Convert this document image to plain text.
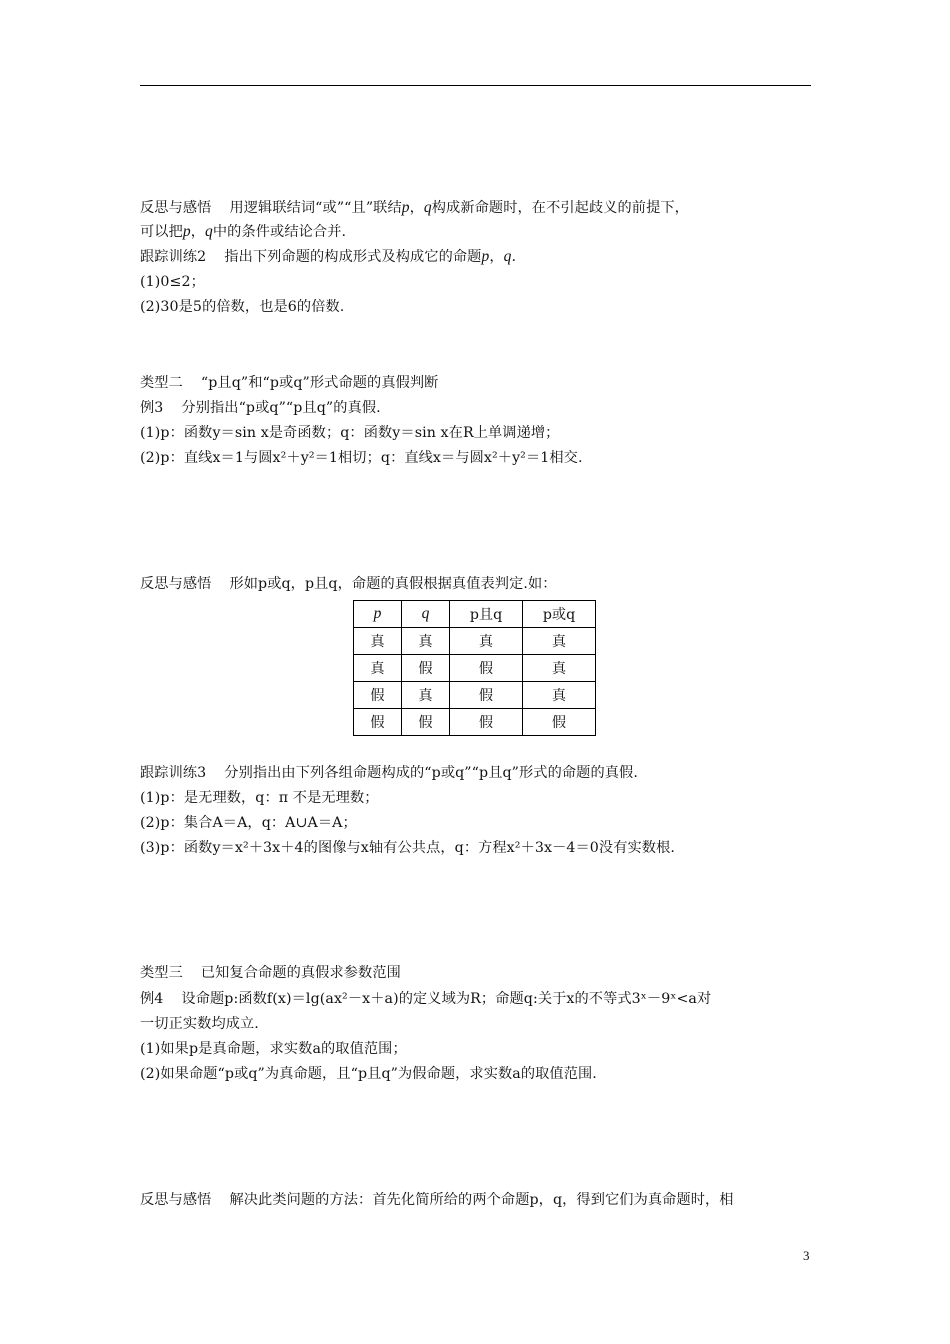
反思与感悟 用逻辑联结词“或”“且”联结p，q构成新命题时，在不引起歧义的前提下，
可以把p，q中的条件或结论合并.
跟踪训练2 指出下列命题的构成形式及构成它的命题p，q.
(1)0≤2；
(2)30是5的倍数，也是6的倍数.
类型二 “p且q”和“p或q”形式命题的真假判断
例3 分别指出“p或q”“p且q”的真假.
(1)p：函数y＝sin x是奇函数；q：函数y＝sin x在R上单调递增；
(2)p：直线x＝1与圆x²＋y²＝1相切；q：直线x＝与圆x²＋y²＝1相交.
反思与感悟 形如p或q，p且q，命题的真假根据真值表判定.如：
p	q	p且q	p或q
真	真	真	真
真	假	假	真
假	真	假	真
假	假	假	假
跟踪训练3 分别指出由下列各组命题构成的“p或q”“p且q”形式的命题的真假.
(1)p：是无理数，q：π 不是无理数；
(2)p：集合A＝A，q：A∪A＝A；
(3)p：函数y＝x²＋3x＋4的图像与x轴有公共点，q：方程x²＋3x－4＝0没有实数根.
类型三 已知复合命题的真假求参数范围
例4 设命题p:函数f(x)＝lg(ax²－x＋a)的定义域为R；命题q:关于x的不等式3ˣ－9ˣ<a对
一切正实数均成立.
(1)如果p是真命题，求实数a的取值范围；
(2)如果命题“p或q”为真命题，且“p且q”为假命题，求实数a的取值范围.
反思与感悟 解决此类问题的方法：首先化简所给的两个命题p，q，得到它们为真命题时，相
3
